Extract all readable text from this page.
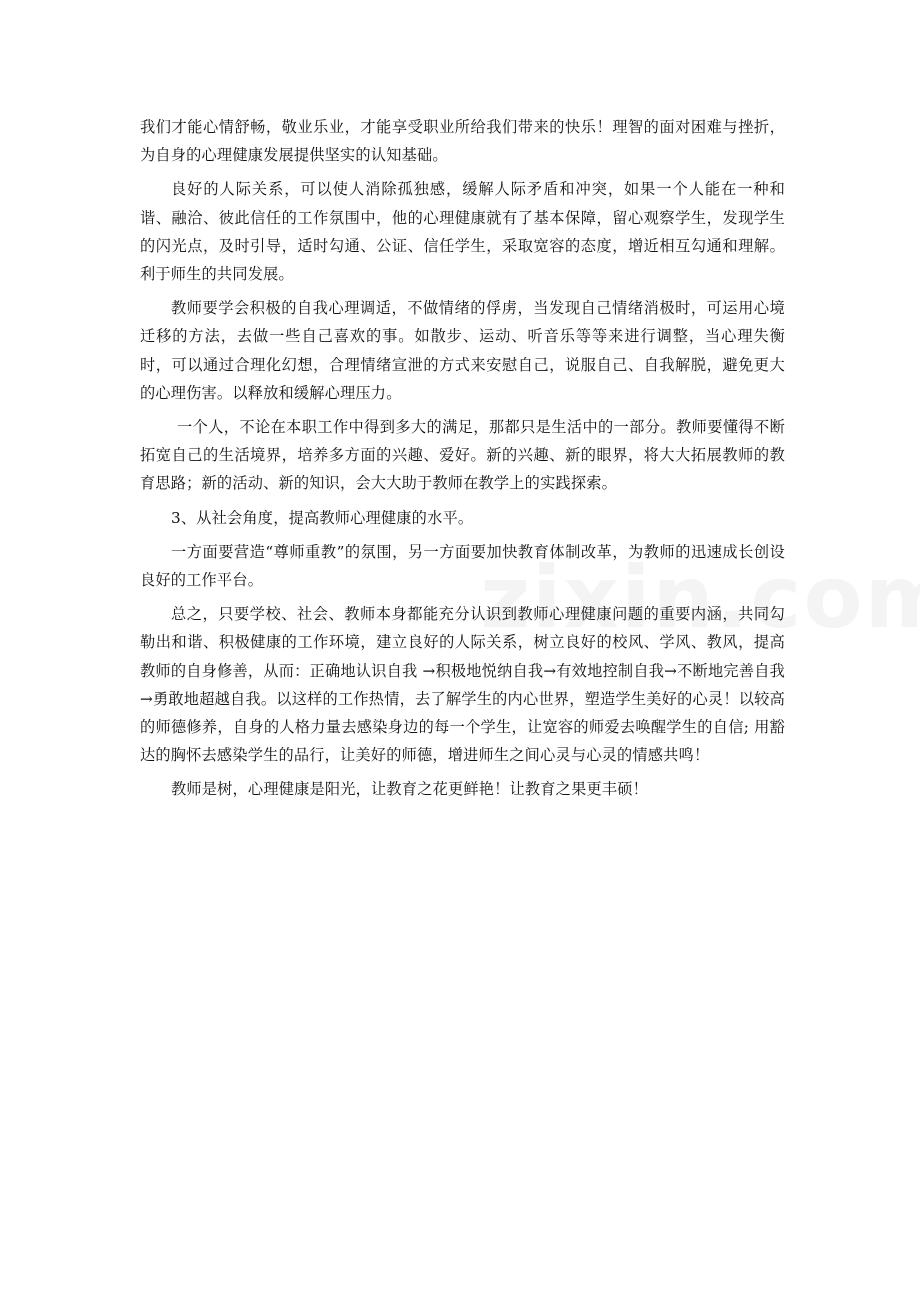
我们才能心情舒畅，敬业乐业，才能享受职业所给我们带来的快乐！理智的面对困难与挫折，为自身的心理健康发展提供坚实的认知基础。

良好的人际关系，可以使人消除孤独感，缓解人际矛盾和冲突，如果一个人能在一种和谐、融洽、彼此信任的工作氛围中，他的心理健康就有了基本保障，留心观察学生，发现学生的闪光点，及时引导，适时勾通、公证、信任学生，采取宽容的态度，增近相互勾通和理解。利于师生的共同发展。

教师要学会积极的自我心理调适，不做情绪的俘虏，当发现自己情绪消极时，可运用心境迁移的方法，去做一些自己喜欢的事。如散步、运动、听音乐等等来进行调整，当心理失衡时，可以通过合理化幻想，合理情绪宣泄的方式来安慰自己，说服自己、自我解脱，避免更大的心理伤害。以释放和缓解心理压力。

一个人，不论在本职工作中得到多大的满足，那都只是生活中的一部分。教师要懂得不断拓宽自己的生活境界，培养多方面的兴趣、爱好。新的兴趣、新的眼界，将大大拓展教师的教育思路；新的活动、新的知识，会大大助于教师在教学上的实践探索。

3、从社会角度，提高教师心理健康的水平。

一方面要营造“尊师重教”的氛围，另一方面要加快教育体制改革，为教师的迅速成长创设良好的工作平台。

总之，只要学校、社会、教师本身都能充分认识到教师心理健康问题的重要内涵，共同勾勒出和谐、积极健康的工作环境，建立良好的人际关系，树立良好的校风、学风、教风，提高教师的自身修善，从而：正确地认识自我 →积极地悦纳自我→有效地控制自我→不断地完善自我→勇敢地超越自我。以这样的工作热情，去了解学生的内心世界，塑造学生美好的心灵！以较高的师德修养，自身的人格力量去感染身边的每一个学生，让宽容的师爱去唤醒学生的自信; 用豁达的胸怀去感染学生的品行，让美好的师德，增进师生之间心灵与心灵的情感共鸣！

教师是树，心理健康是阳光，让教育之花更鲜艳！让教育之果更丰硕！
